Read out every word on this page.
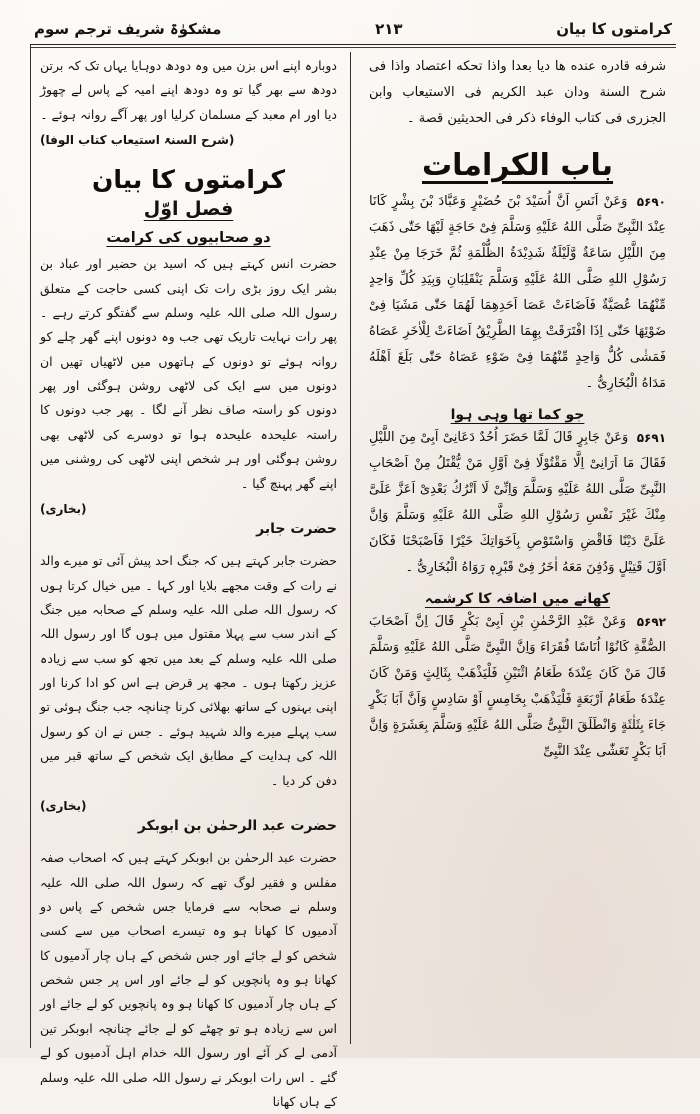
کرامتوں کا بیان
۲۱۳
مشکوٰۃ شریف ترجم سوم
شرفه قادره عنده ها دیا بعدا واذا تحکه اعتصاد واذا فی شرح السنة ودان عبد الکریم فی الاستیعاب وابن الجزری فی کتاب الوفاء ذکر فی الحدیثین قصة ۔
باب الکرامات
۵۶۹۰ وَعَنْ اَنَسِ اَنَّ اُسَيْدَ بْنَ حُضَيْرٍ وَعَبَّادَ بْنَ بِشْرٍ كَانَا عِنْدَ النَّبِىِّ صَلَّى اللهُ عَلَيْهِ وَسَلَّمَ فِىْ حَاجَةٍ لَيْهَا حَتّٰى ذَهَبَ مِنَ اللَّيْلِ سَاعَةٌ وَّلَيْلَةٌ شَدِيْدَةُ الظُّلْمَةِ ثُمَّ خَرَجَا مِنْ عِنْدِ رَسُوْلِ اللهِ صَلَّى اللهُ عَلَيْهِ وَسَلَّمَ يَنْقَلِبَانِ وَبِيَدِ كُلِّ وَاحِدٍ مِّنْهُمَا عُصَيَّةٌ فَاَضَاءَتْ عَصَا اَحَدِهِمَا لَهُمَا حَتّٰى مَشَيَا فِىْ ضَوْئِهَا حَتّٰى اِذَا افْتَرَقَتْ بِهِمَا الطَّرِيْقُ اَضَاءَتْ لِلْاٰخَرِ عَصَاهُ فَمَشٰى كُلُّ وَاحِدٍ مِّنْهُمَا فِىْ ضَوْءِ عَصَاهُ حَتّٰى بَلَغَ اَهْلَهُ مَدَاهُ الْبُخَارِىُّ ۔
جو کما تھا وہی ہوا
۵۶۹۱ وَعَنْ جَابِرٍ قَالَ لَمَّا حَضَرَ اُحُدٌ دَعَانِىْ اَبِىْ مِنَ اللَّيْلِ فَقَالَ مَا اَرَانِىْ اِلَّا مَقْتُوْلًا فِىْ اَوَّلِ مَنْ يُّقْتَلُ مِنْ اَصْحَابِ النَّبِىِّ صَلَّى اللهُ عَلَيْهِ وَسَلَّمَ وَاِنِّىْ لَا اَتْرُكُ بَعْدِىْ اَعَزَّ عَلَىَّ مِنْكَ غَيْرَ نَفْسِ رَسُوْلِ اللهِ صَلَّى اللهُ عَلَيْهِ وَسَلَّمَ وَاِنَّ عَلَىَّ دَيْنًا فَاقْضِ وَاسْتَوْصِ بِاَخَوَاتِكَ خَيْرًا فَاَصْبَحْنَا فَكَانَ اَوَّلَ قَتِيْلٍ وَدُفِنَ مَعَهُ اٰخَرُ فِىْ قَبْرِهٖ رَوَاهُ الْبُخَارِىُّ ۔
کھانے میں اضافہ کا کرشمہ
۵۶۹۲ وَعَنْ عَبْدِ الرَّحْمٰنِ بْنِ اَبِىْ بَكْرٍ قَالَ اِنَّ اَصْحَابَ الصُّفَّةِ كَانُوْا اُنَاسًا فُقَرَاءَ وَاِنَّ النَّبِىَّ صَلَّى اللهُ عَلَيْهِ وَسَلَّمَ قَالَ مَنْ كَانَ عِنْدَهٗ طَعَامُ اثْنَيْنِ فَلْيَذْهَبْ بِثَالِثٍ وَمَنْ كَانَ عِنْدَهٗ طَعَامُ اَرْبَعَةٍ فَلْيَذْهَبْ بِخَامِسٍ اَوْ سَادِسٍ وَاَنَّ اَبَا بَكْرٍ جَاءَ بِثَلٰثَةٍ وَانْطَلَقَ النَّبِىُّ صَلَّى اللهُ عَلَيْهِ وَسَلَّمَ بِعَشَرَةٍ وَاِنَّ اَبَا بَكْرٍ تَعَشّٰى عِنْدَ النَّبِىِّ
دوبارہ اپنے اس بزن میں وہ دودھ دوہایا یہاں تک کہ برتن دودھ سے بھر گیا تو وہ دودھ اپنے امیہ کے پاس لے چھوڑ دیا اور ام معبد کے مسلمان کرلیا اور پھر آگے روانہ ہوئے ۔
(شرح السنۃ استیعاب کتاب الوفا)
کرامتوں کا بیان
فصل اوّل
دو صحابیوں کی کرامت
حضرت انس کہتے ہیں کہ اسید بن حضیر اور عباد بن بشر ایک روز بڑی رات تک اپنی کسی حاجت کے متعلق رسول اللہ صلی اللہ علیہ وسلم سے گفتگو کرتے رہے ۔ پھر رات نہایت تاریک تھی جب وہ دونوں اپنے گھر چلے کو روانہ ہوئے تو دونوں کے ہاتھوں میں لاٹھیاں تھیں ان دونوں میں سے ایک کی لاٹھی روشن ہوگئی اور پھر دونوں کو راستہ صاف نظر آنے لگا ۔ پھر جب دونوں کا راستہ علیحدہ علیحدہ ہوا تو دوسرے کی لاٹھی بھی روشن ہوگئی اور ہر شخص اپنی لاٹھی کی روشنی میں اپنے گھر پہنچ گیا ۔
(بخاری)
حضرت جابر
حضرت جابر کہتے ہیں کہ جنگ احد پیش آئی تو میرے والد نے رات کے وقت مجھے بلایا اور کہا ۔ میں خیال کرتا ہوں کہ رسول اللہ صلی اللہ علیہ وسلم کے صحابہ میں جنگ کے اندر سب سے پہلا مقتول میں ہوں گا اور رسول اللہ صلی اللہ علیہ وسلم کے بعد میں تجھ کو سب سے زیادہ عزیز رکھتا ہوں ۔ مجھ پر قرض ہے اس کو ادا کرنا اور اپنی بہنوں کے ساتھ بھلائی کرنا چنانچہ جب جنگ ہوئی تو سب پہلے میرے والد شہید ہوئے ۔ جس نے ان کو رسول اللہ کی ہدایت کے مطابق ایک شخص کے ساتھ قبر میں دفن کر دیا ۔
(بخاری)
حضرت عبد الرحمٰن بن ابوبکر
حضرت عبد الرحمٰن بن ابوبکر کہتے ہیں کہ اصحاب صفہ مفلس و فقیر لوگ تھے کہ رسول اللہ صلی اللہ علیہ وسلم نے صحابہ سے فرمایا جس شخص کے پاس دو آدمیوں کا کھانا ہو وہ تیسرے اصحاب میں سے کسی شخص کو لے جائے اور جس شخص کے ہاں چار آدمیوں کا کھانا ہو وہ پانچویں کو لے جائے اور اس پر جس شخص کے ہاں چار آدمیوں کا کھانا ہو وہ پانچویں کو لے جائے اور اس سے زیادہ ہو تو چھٹے کو لے جائے چنانچہ ابوبکر تین آدمی لے کر آئے اور رسول اللہ خدام اہل آدمیوں کو لے گئے ۔ اس رات ابوبکر نے رسول اللہ صلی اللہ علیہ وسلم کے ہاں کھانا
